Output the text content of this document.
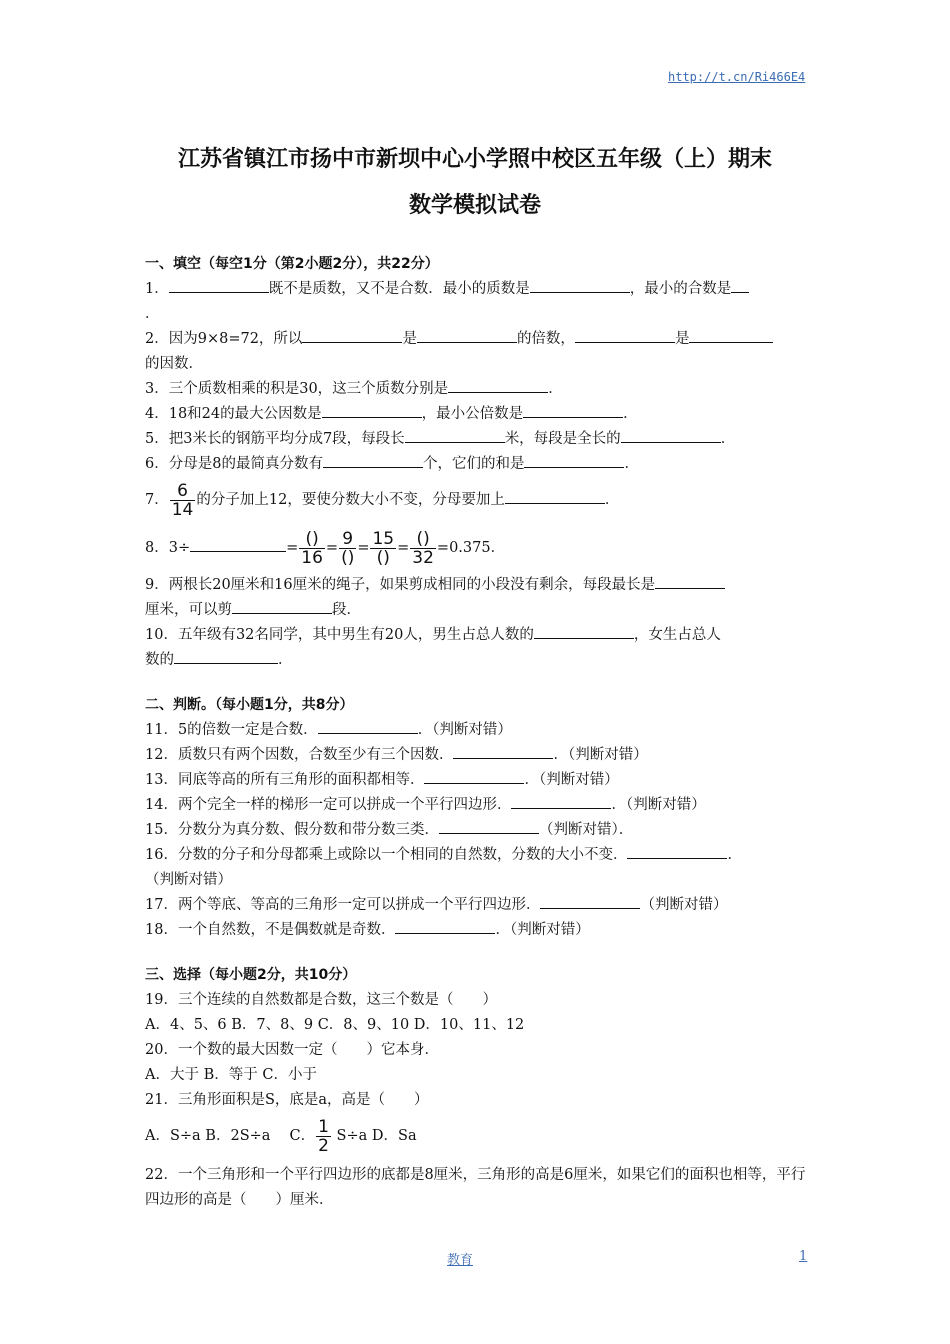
http://t.cn/Ri466E4
江苏省镇江市扬中市新坝中心小学照中校区五年级（上）期末
数学模拟试卷
一、填空（每空1分（第2小题2分），共22分）
1．	既不是质数，又不是合数．最小的质数是	，最小的合数是
．
2．因为9×8=72，所以	是	的倍数，	是
的因数．
3．三个质数相乘的积是30，这三个质数分别是	．
4．18和24的最大公因数是	，最小公倍数是	．
5．把3米长的钢筋平均分成7段，每段长	米，每段是全长的	．
6．分母是8的最简真分数有	个，它们的和是	．
7． $\frac{6}{14}$ 的分子加上12，要使分数大小不变，分母要加上	．
8．3÷	= $\frac{()}{16} = \frac{9}{()} = \frac{15}{()} = \frac{()}{32} =0.375$．
9．两根长20厘米和16厘米的绳子，如果剪成相同的小段没有剩余，每段最长是
厘米，可以剪	段．
10．五年级有32名同学，其中男生有20人，男生占总人数的	，女生占总人
数的	．
二、判断。（每小题1分，共8分）
11．5的倍数一定是合数．	．（判断对错）
12．质数只有两个因数，合数至少有三个因数．	．（判断对错）
13．同底等高的所有三角形的面积都相等．	．（判断对错）
14．两个完全一样的梯形一定可以拼成一个平行四边形．	．（判断对错）
15．分数分为真分数、假分数和带分数三类．	（判断对错）．
16．分数的分子和分母都乘上或除以一个相同的自然数，分数的大小不变．	．
（判断对错）
17．两个等底、等高的三角形一定可以拼成一个平行四边形．	（判断对错）
18．一个自然数，不是偶数就是奇数．	．（判断对错）
三、选择（每小题2分，共10分）
19．三个连续的自然数都是合数，这三个数是（　　）
A．4、5、6 B．7、8、9 C．8、9、10 D．10、11、12
20．一个数的最大因数一定（　　）它本身．
A．大于 B．等于 C．小于
21．三角形面积是S，底是a，高是（　　）
A．S÷a B．2S÷a　 C． $\frac{1}{2} S\div a$ D．Sa
22．一个三角形和一个平行四边形的底都是8厘米，三角形的高是6厘米，如果它们的面积也相等，平行四边形的高是（　　）厘米．
教育	1
